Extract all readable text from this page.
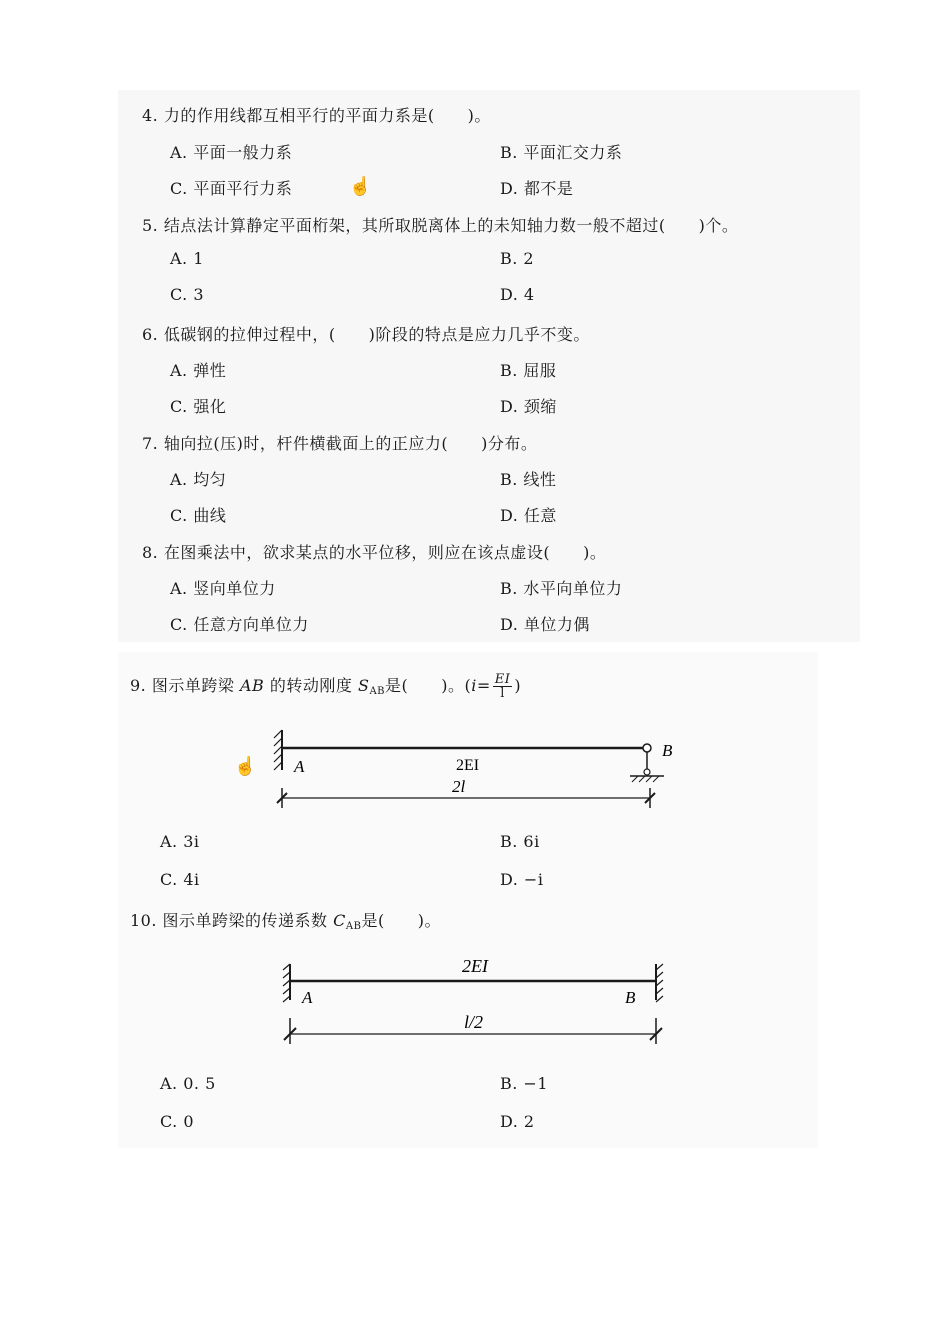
4. 力的作用线都互相平行的平面力系是(　　)。
A. 平面一般力系	B. 平面汇交力系
C. 平面平行力系	D. 都不是
☝
5. 结点法计算静定平面桁架，其所取脱离体上的未知轴力数一般不超过(　　)个。
A. 1	B. 2
C. 3	D. 4
6. 低碳钢的拉伸过程中，(　　)阶段的特点是应力几乎不变。
A. 弹性	B. 屈服
C. 强化	D. 颈缩
7. 轴向拉(压)时，杆件横截面上的正应力(　　)分布。
A. 均匀	B. 线性
C. 曲线	D. 任意
8. 在图乘法中，欲求某点的水平位移，则应在该点虚设(　　)。
A. 竖向单位力	B. 水平向单位力
C. 任意方向单位力	D. 单位力偶
9. 图示单跨梁 AB 的转动刚度 $S_{AB}$是(　　)。($i= \frac{EI}{l}$ )
A
B
2EI
2l
☝
A. 3i	B. 6i
C. 4i	D. −i
10. 图示单跨梁的传递系数 $C_{AB}$是(　　)。
2EI
A	B
l/2
A. 0. 5	B. −1
C. 0	D. 2
